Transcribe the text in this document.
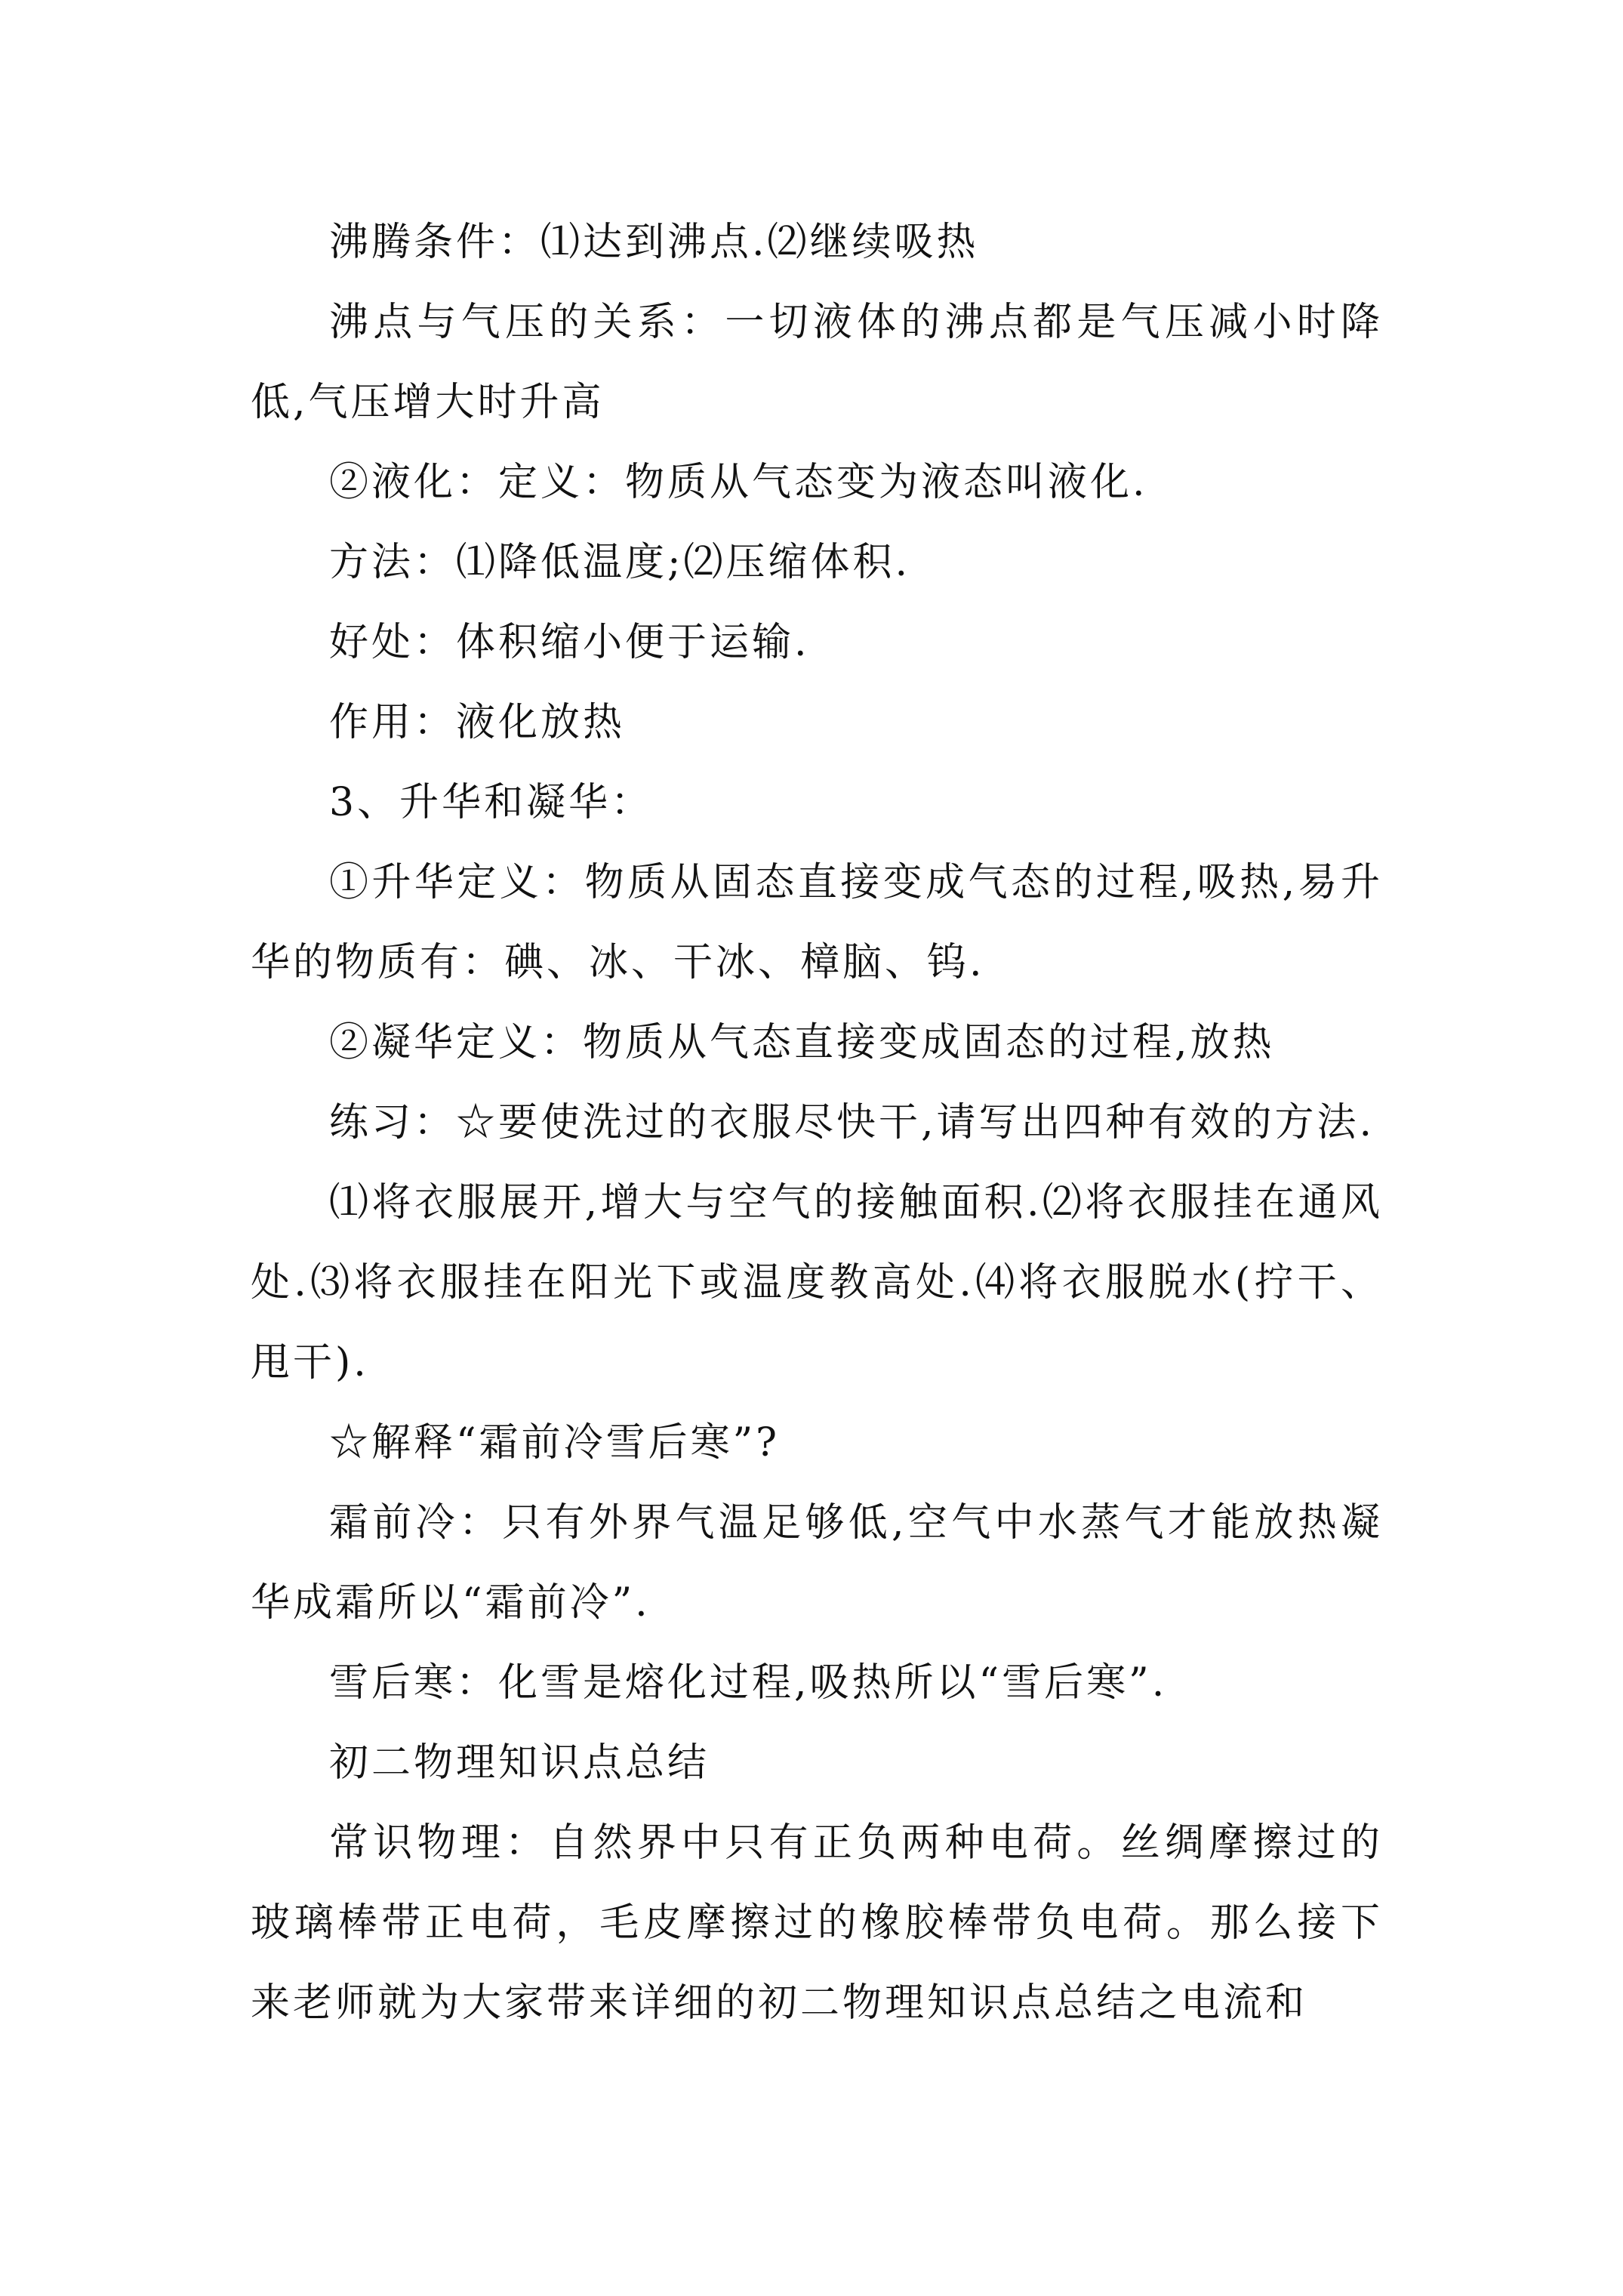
沸腾条件：⑴达到沸点.⑵继续吸热

沸点与气压的关系：一切液体的沸点都是气压减小时降低,气压增大时升高

②液化：定义：物质从气态变为液态叫液化.

方法：⑴降低温度;⑵压缩体积.

好处：体积缩小便于运输.

作用：液化放热

3、升华和凝华：

①升华定义：物质从固态直接变成气态的过程,吸热,易升华的物质有：碘、冰、干冰、樟脑、钨.

②凝华定义：物质从气态直接变成固态的过程,放热

练习：☆要使洗过的衣服尽快干,请写出四种有效的方法.

⑴将衣服展开,增大与空气的接触面积.⑵将衣服挂在通风处.⑶将衣服挂在阳光下或温度教高处.⑷将衣服脱水(拧干、甩干).

☆解释“霜前冷雪后寒”?

霜前冷：只有外界气温足够低,空气中水蒸气才能放热凝华成霜所以“霜前冷”.

雪后寒：化雪是熔化过程,吸热所以“雪后寒”.

初二物理知识点总结

常识物理：自然界中只有正负两种电荷。丝绸摩擦过的玻璃棒带正电荷，毛皮摩擦过的橡胶棒带负电荷。那么接下来老师就为大家带来详细的初二物理知识点总结之电流和
